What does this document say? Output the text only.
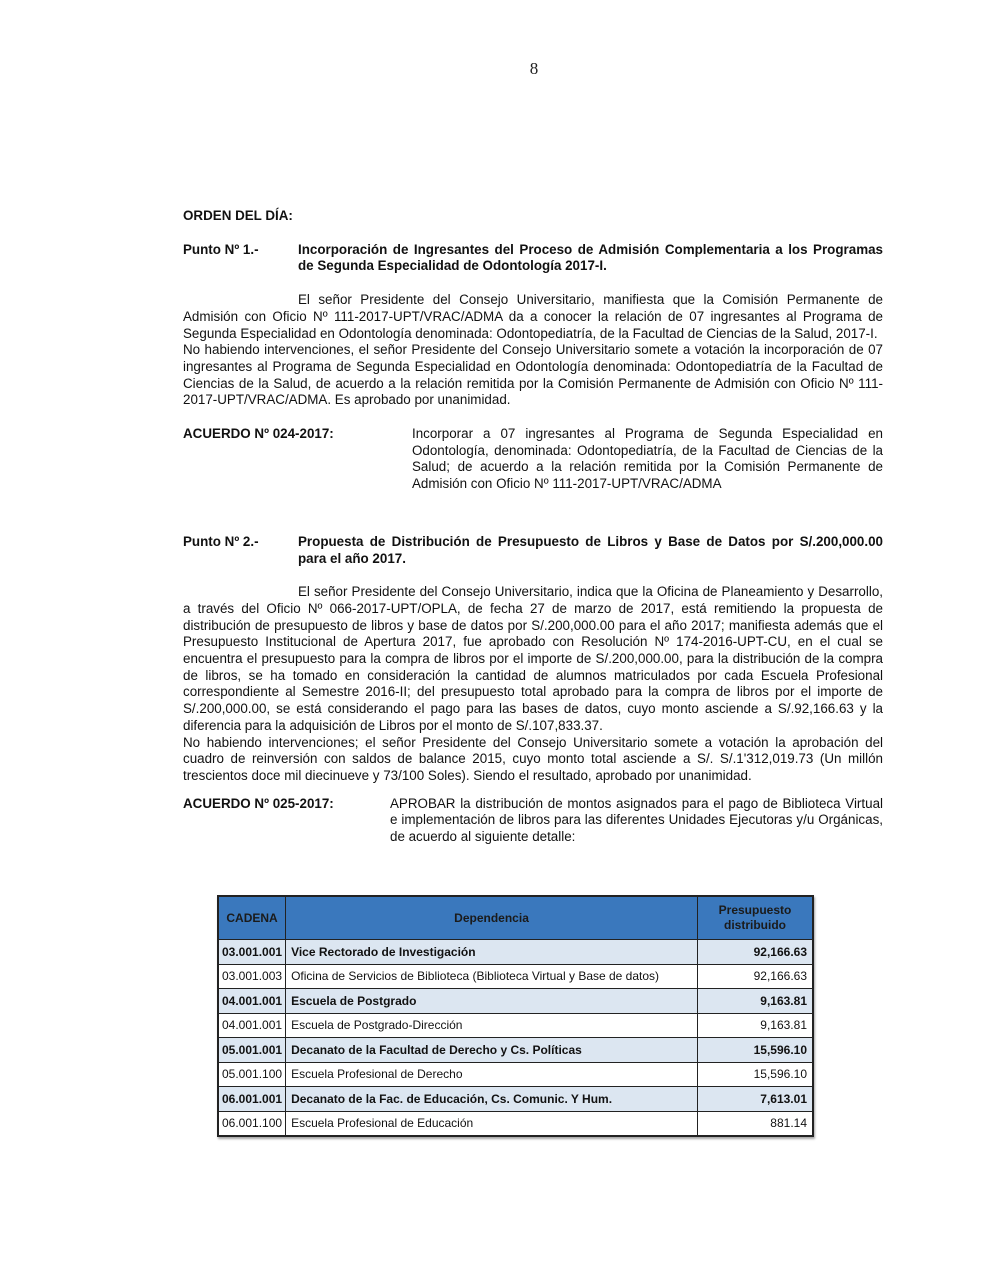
8

ORDEN DEL DÍA:

Punto Nº 1.-	Incorporación de Ingresantes del Proceso de Admisión Complementaria a los Programas de Segunda Especialidad de Odontología 2017-I.

El señor Presidente del Consejo Universitario, manifiesta que la Comisión Permanente de Admisión con Oficio Nº 111-2017-UPT/VRAC/ADMA da a conocer la relación de 07 ingresantes al Programa de Segunda Especialidad en Odontología denominada: Odontopediatría, de la Facultad de Ciencias de la Salud, 2017-I.

No habiendo intervenciones, el señor Presidente del Consejo Universitario somete a votación la incorporación de 07 ingresantes al Programa de Segunda Especialidad en Odontología denominada: Odontopediatría de la Facultad de Ciencias de la Salud, de acuerdo a la relación remitida por la Comisión Permanente de Admisión con Oficio Nº 111-2017-UPT/VRAC/ADMA. Es aprobado por unanimidad.

ACUERDO Nº 024-2017:	Incorporar a 07 ingresantes al Programa de Segunda Especialidad en Odontología, denominada: Odontopediatría, de la Facultad de Ciencias de la Salud; de acuerdo a la relación remitida por la Comisión Permanente de Admisión con Oficio Nº 111-2017-UPT/VRAC/ADMA
Punto Nº 2.-	Propuesta de Distribución de Presupuesto de Libros y Base de Datos por S/.200,000.00 para el año 2017.

El señor Presidente del Consejo Universitario, indica que la Oficina de Planeamiento y Desarrollo, a través del Oficio Nº 066-2017-UPT/OPLA, de fecha 27 de marzo de 2017, está remitiendo la propuesta de distribución de presupuesto de libros y base de datos por S/.200,000.00 para el año 2017; manifiesta además que el Presupuesto Institucional de Apertura 2017, fue aprobado con Resolución Nº 174-2016-UPT-CU, en el cual se encuentra el presupuesto para la compra de libros por el importe de S/.200,000.00, para la distribución de la compra de libros, se ha tomado en consideración la cantidad de alumnos matriculados por cada Escuela Profesional correspondiente al Semestre 2016-II; del presupuesto total aprobado para la compra de libros por el importe de S/.200,000.00, se está considerando el pago para las bases de datos, cuyo monto asciende a S/.92,166.63 y la diferencia para la adquisición de Libros por el monto de S/.107,833.37.

No habiendo intervenciones; el señor Presidente del Consejo Universitario somete a votación la aprobación del cuadro de reinversión con saldos de balance 2015, cuyo monto total asciende a S/. S/.1'312,019.73 (Un millón trescientos doce mil diecinueve y 73/100 Soles). Siendo el resultado, aprobado por unanimidad.

ACUERDO Nº 025-2017:	APROBAR la distribución de montos asignados para el pago de Biblioteca Virtual e implementación de libros para las diferentes Unidades Ejecutoras y/u Orgánicas, de acuerdo al siguiente detalle:
CADENA	Dependencia	Presupuesto distribuido
03.001.001	Vice Rectorado de Investigación	92,166.63
03.001.003	Oficina de Servicios de Biblioteca (Biblioteca Virtual y Base de datos)	92,166.63
04.001.001	Escuela de Postgrado	9,163.81
04.001.001	Escuela de Postgrado-Dirección	9,163.81
05.001.001	Decanato de la Facultad de Derecho y Cs. Políticas	15,596.10
05.001.100	Escuela Profesional de Derecho	15,596.10
06.001.001	Decanato de la Fac. de Educación, Cs. Comunic. Y Hum.	7,613.01
06.001.100	Escuela Profesional de Educación	881.14
